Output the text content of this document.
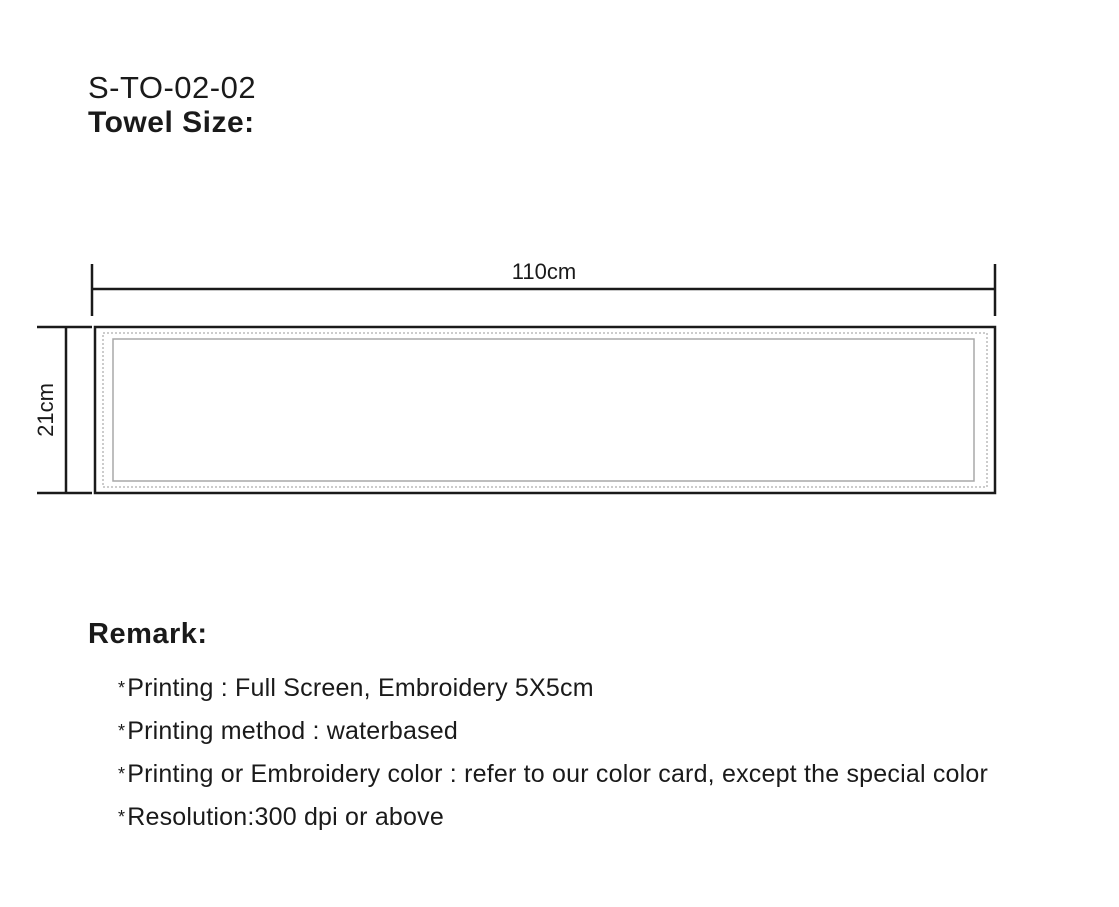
S-TO-02-02
Towel Size:
110cm
21cm
Remark:
*Printing : Full Screen, Embroidery 5X5cm
*Printing method : waterbased
*Printing or Embroidery color : refer to our color card, except the special color
*Resolution:300 dpi or above
